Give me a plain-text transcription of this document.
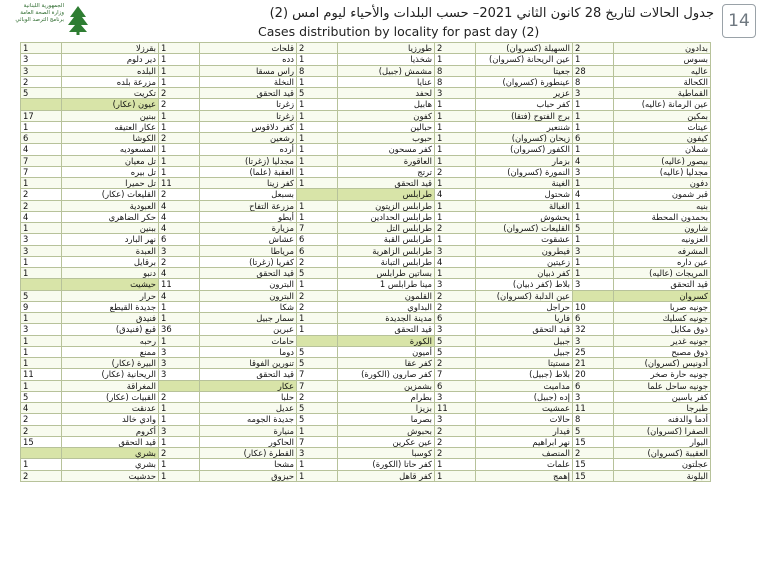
الجمهورية اللبنانية
وزارة الصحة العامة
برنامج الترصد الوبائي	جدول الحالات لتاريخ 28 كانون الثاني 2021– حسب البلدات والأحياء ليوم امس (2)
Cases distribution by locality for past day (2)
14
1	بقرزلا	1	قلحات	2	طورزيا	2	السهيلة (كسروان)	2	بدادون
3	دير دلوم	1	دده	1	شخذيا	1	عين الريحانة (كسروان)	1	بسوس
3	البلده	1	راس مسقا	8	مشمش (جبيل)	8	جعيتا	28	عاليه
2	مزرعة بلده	1	النخلة	1	عنايا	8	عينطورة (كسروان)	8	الكحالة
5	تكريت	2	قيد التحقق	5	لحفد	3	عزير	3	القماطية
	عيون (عكار)	2	زغرتا	1	هابيل	1	كفر حباب	1	عين الرمانة (عاليه)
17	ببنين	1	زغرتا	1	كفون	1	برج الفتوح (فتقا)	1	بمكين
1	عكار العتيقه	1	كفر دلاقوس	1	حبالين	1	شننعير	1	عيتات
6	الكوشا	2	رشعين	1	حبوب	1	زيحان (كسروان)	6	كيفون
4	المسعوديه	1	أرده	1	كفر مسحون	1	الكفور (كسروان)	1	شملان
7	تل معيان	1	مجدليا (زغرتا)	1	العاقورة	1	بزمار	4	بيصور (عاليه)
7	تل بيره	1	العقبة (علما)	1	ترتج	2	النمورة (كسروان)	3	مجدليا (عاليه)
1	تل حميرا	11	كفر زينا	1	قيد التحقق	1	الغينة	1	دفون
2	القليعات (عكار)	2	بسبعل		طرابلس	4	شحتول	4	قبر شمون
2	العبودية	4	مزرعة التفاح	1	طرابلس الزيتون	1	الغبالة	1	بنيه
4	حكر الضاهري	4	أيطو	1	طرابلس الحدادين	1	يحشوش	1	بحمدون المحطة
1	ببنين	4	مزيارة	7	طرابلس التل	2	القليعات (كسروان)	5	شارون
3	نهر البارد	6	عشاش	6	طرابلس القبة	1	عشقوت	1	العزونيه
3	العبدة	3	مرياطا	6	طرابلس الزاهرية	3	فيطرون	3	المشرفه
1	برقايل	2	كفريا (زغرتا)	2	طرابلس التبانة	4	زعيتين	1	عين داره
1	دنبو	4	قيد التحقق	5	بساتين طرابلس	1	كفر ذبيان	1	المريجات (عاليه)
	حيشيت	11	البترون	1	مينا طرابلس 1	3	بلاط (كفر ذبيان)	3	قيد التحقق
5	حرار	4	البترون	2	القلمون	2	عين الدلبة (كسروان)		كسروان
9	جديدة القيطع	1	شكا	2	البداوي	2	حراجل	10	جونيه صربا
1	فنيدق	1	سمار جبيل	1	مدينة الجديدة	6	فاريا	6	جونيه كسليك
3	قبع (فنيدق)	36	عبرين	1	قيد التحقق	3	قيد التحقق	32	ذوق مكايل
1	رحبه	1	حامات		الكورة	5	جبيل	3	جونيه غدير
1	ممنع	3	دوما	5	أميون	5	جبيل	25	ذوق مصبح
1	البيرة (عكار)	3	تنورين الفوقا	5	كفر عقا	2	مستيتا	21	أدونيس (كسروان)
11	الريحانية (عكار)	3	قيد التحقق	7	كفر صارون (الكورة)	7	بلاط (جبيل)	20	جونيه حارة صخر
1	المغراقة		عكار	7	بشمزين	6	مداميت	6	جونيه ساحل علما
5	القبيات (عكار)	2	حلبا	2	بطرام	3	إده (جبيل)	3	كفر ياسين
4	عدنقت	1	عديل	5	بزيزا	11	عمشيت	11	طبرجا
2	وادي خالد	1	جديدة الجومه	5	بصرما	3	حالات	8	أدما والدفنه
2	أكروم	3	منيارة	1	بحبوش	2	فيدار	5	الصفرا (كسروان)
15	قيد التحقق	1	الحاكور	7	عين عكرين	2	نهر ابراهيم	15	البوار
	بشري	2	القطرة (عكار)	3	كوسبا	2	المنصف	2	العقيبة (كسروان)
1	بشري	1	مشحا	1	كفر حاتا (الكورة)	1	علمات	15	عجلتون
2	حدشيت	1	حيزوق	1	كفر قاهل	1	إهمج	15	البلونة
